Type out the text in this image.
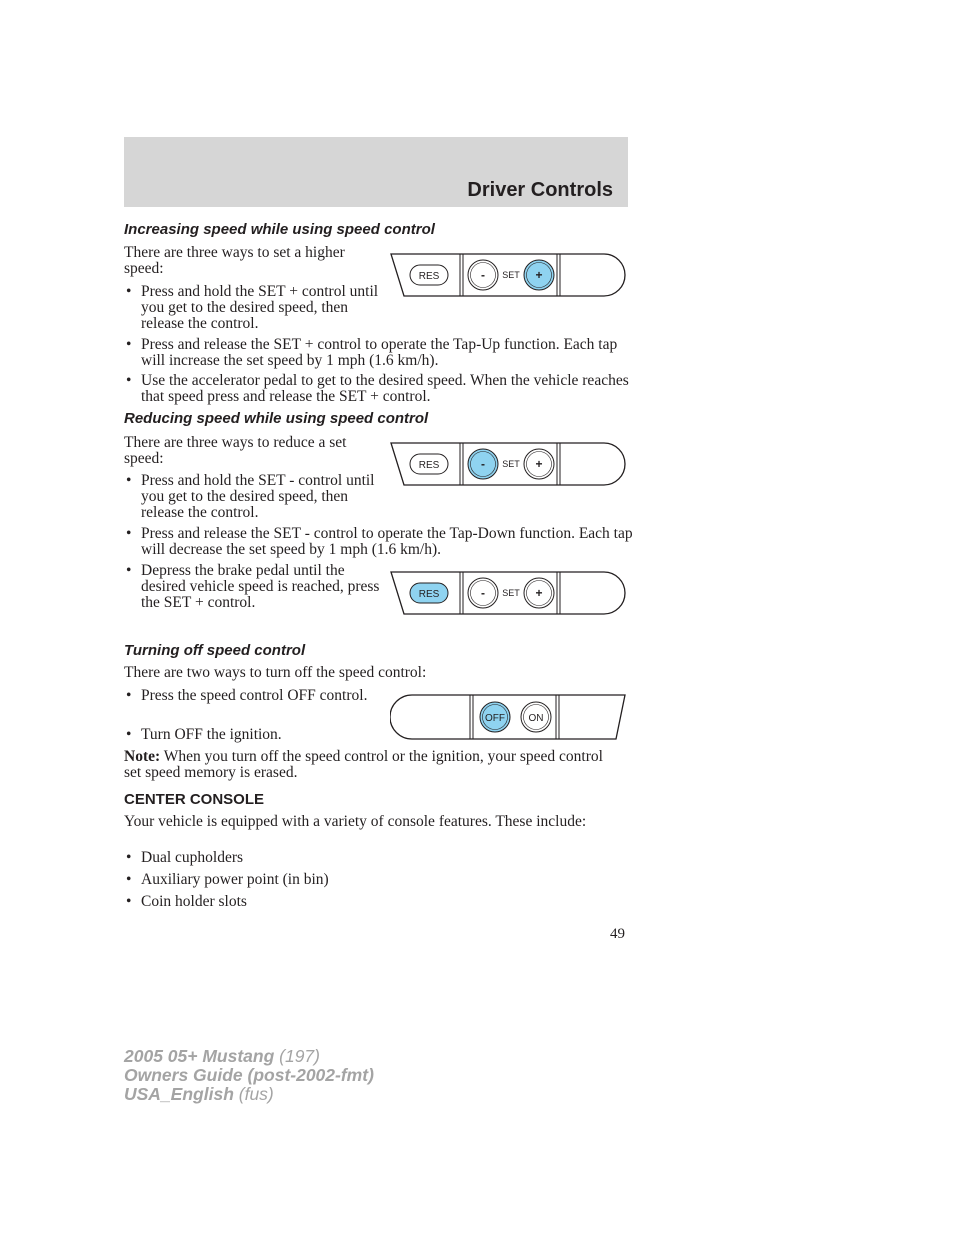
Driver Controls
Increasing speed while using speed control
There are three ways to set a higher speed:
• Press and hold the SET + control until you get to the desired speed, then release the control.
• Press and release the SET + control to operate the Tap-Up function. Each tap will increase the set speed by 1 mph (1.6 km/h).
• Use the accelerator pedal to get to the desired speed. When the vehicle reaches that speed press and release the SET + control.
RES	- SET +
Reducing speed while using speed control
There are three ways to reduce a set speed:
• Press and hold the SET - control until you get to the desired speed, then release the control.
• Press and release the SET - control to operate the Tap-Down function. Each tap will decrease the set speed by 1 mph (1.6 km/h).
• Depress the brake pedal until the desired vehicle speed is reached, press the SET + control.
RES	- SET +
RES	- SET +
Turning off speed control
There are two ways to turn off the speed control:
• Press the speed control OFF control.
• Turn OFF the ignition.
Note: When you turn off the speed control or the ignition, your speed control set speed memory is erased.
OFF ON
CENTER CONSOLE
Your vehicle is equipped with a variety of console features. These include:
• Dual cupholders
• Auxiliary power point (in bin)
• Coin holder slots
49
2005 05+ Mustang (197)
Owners Guide (post-2002-fmt)
USA_English (fus)
